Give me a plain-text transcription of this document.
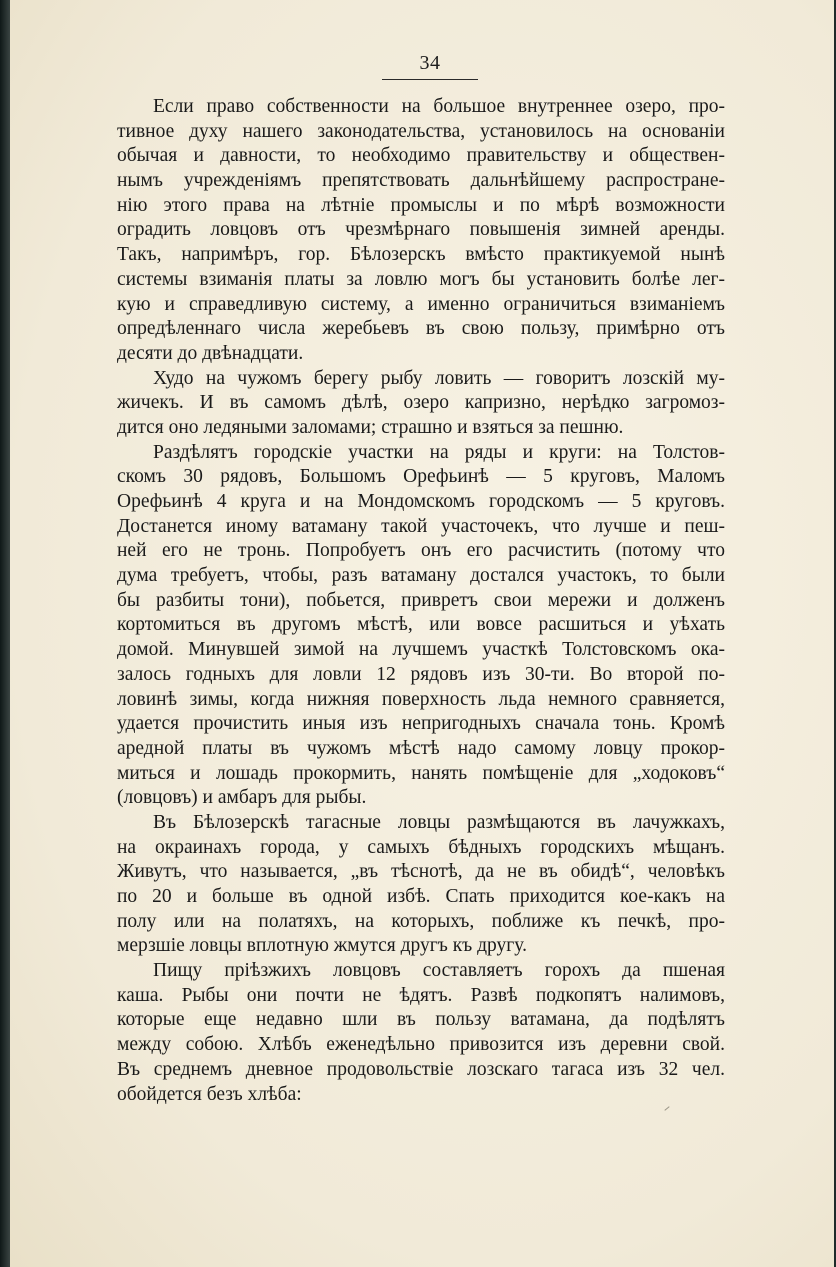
34
Если право собственности на большое внутреннее озеро, про-
тивное духу нашего законодательства, установилось на основаніи
обычая и давности, то необходимо правительству и обществен-
нымъ учрежденіямъ препятствовать дальнѣйшему распростране-
нію этого права на лѣтніе промыслы и по мѣрѣ возможности
оградить ловцовъ отъ чрезмѣрнаго повышенія зимней аренды.
Такъ, напримѣръ, гор. Бѣлозерскъ вмѣсто практикуемой нынѣ
системы взиманія платы за ловлю могъ бы установить болѣе лег-
кую и справедливую систему, а именно ограничиться взиманіемъ
опредѣленнаго числа жеребьевъ въ свою пользу, примѣрно отъ
десяти до двѣнадцати.
Худо на чужомъ берегу рыбу ловить — говоритъ лозскій му-
жичекъ. И въ самомъ дѣлѣ, озеро капризно, нерѣдко загромоз-
дится оно ледяными заломами; страшно и взяться за пешню.
Раздѣлятъ городскіе участки на ряды и круги: на Толстов-
скомъ 30 рядовъ, Большомъ Орефьинѣ — 5 круговъ, Маломъ
Орефьинѣ 4 круга и на Мондомскомъ городскомъ — 5 круговъ.
Достанется иному ватаману такой участочекъ, что лучше и пеш-
ней его не тронь. Попробуетъ онъ его расчистить (потому что
дума требуетъ, чтобы, разъ ватаману достался участокъ, то были
бы разбиты тони), побьется, привретъ свои мережи и долженъ
кортомиться въ другомъ мѣстѣ, или вовсе расшиться и уѣхать
домой. Минувшей зимой на лучшемъ участкѣ Толстовскомъ ока-
залось годныхъ для ловли 12 рядовъ изъ 30-ти. Во второй по-
ловинѣ зимы, когда нижняя поверхность льда немного сравняется,
удается прочистить иныя изъ непригодныхъ сначала тонь. Кромѣ
аредной платы въ чужомъ мѣстѣ надо самому ловцу прокор-
миться и лошадь прокормить, нанять помѣщеніе для „ходоковъ“
(ловцовъ) и амбаръ для рыбы.
Въ Бѣлозерскѣ тагасные ловцы размѣщаются въ лачужкахъ,
на окраинахъ города, у самыхъ бѣдныхъ городскихъ мѣщанъ.
Живутъ, что называется, „въ тѣснотѣ, да не въ обидѣ“, человѣкъ
по 20 и больше въ одной избѣ. Спать приходится кое-какъ на
полу или на полатяхъ, на которыхъ, поближе къ печкѣ, про-
мерзшіе ловцы вплотную жмутся другъ къ другу.
Пищу пріѣзжихъ ловцовъ составляетъ горохъ да пшеная
каша. Рыбы они почти не ѣдятъ. Развѣ подкопятъ налимовъ,
которые еще недавно шли въ пользу ватамана, да подѣлятъ
между собою. Хлѣбъ еженедѣльно привозится изъ деревни свой.
Въ среднемъ дневное продовольствіе лозскаго тагаса изъ 32 чел.
обойдется безъ хлѣба:
